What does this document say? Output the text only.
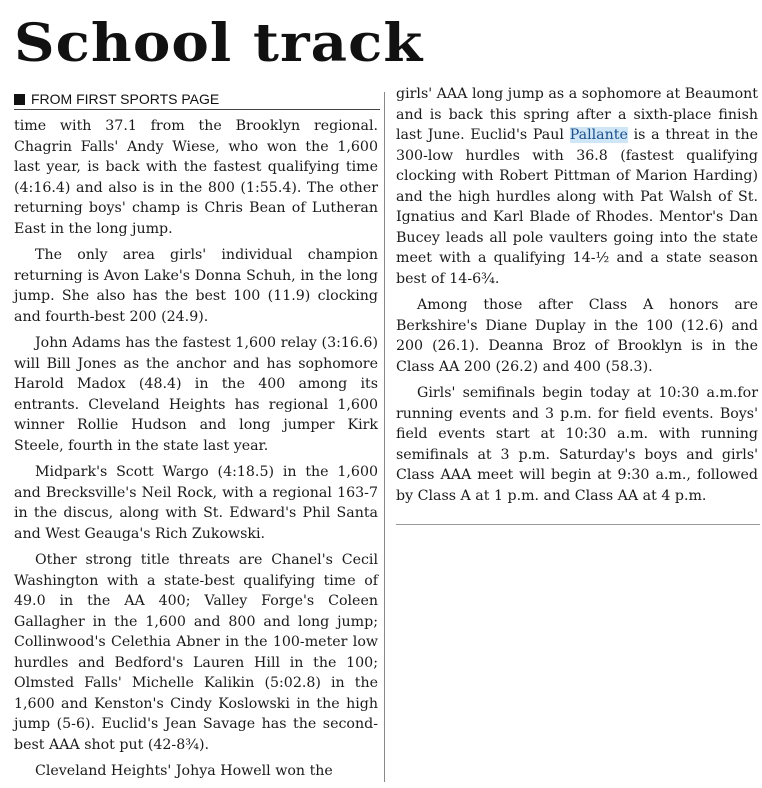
School track
FROM FIRST SPORTS PAGE

time with 37.1 from the Brooklyn regional. Chagrin Falls' Andy Wiese, who won the 1,600 last year, is back with the fastest qualifying time (4:16.4) and also is in the 800 (1:55.4). The other returning boys' champ is Chris Bean of Lutheran East in the long jump.

The only area girls' individual champion returning is Avon Lake's Donna Schuh, in the long jump. She also has the best 100 (11.9) clocking and fourth-best 200 (24.9).

John Adams has the fastest 1,600 relay (3:16.6) will Bill Jones as the anchor and has sophomore Harold Madox (48.4) in the 400 among its entrants. Cleveland Heights has regional 1,600 winner Rollie Hudson and long jumper Kirk Steele, fourth in the state last year.

Midpark's Scott Wargo (4:18.5) in the 1,600 and Brecksville's Neil Rock, with a regional 163-7 in the discus, along with St. Edward's Phil Santa and West Geauga's Rich Zukowski.

Other strong title threats are Chanel's Cecil Washington with a state-best qualifying time of 49.0 in the AA 400; Valley Forge's Coleen Gallagher in the 1,600 and 800 and long jump; Collinwood's Celethia Abner in the 100-meter low hurdles and Bedford's Lauren Hill in the 100; Olmsted Falls' Michelle Kalikin (5:02.8) in the 1,600 and Kenston's Cindy Koslowski in the high jump (5-6). Euclid's Jean Savage has the second-best AAA shot put (42-8¾).

Cleveland Heights' Johya Howell won the

girls' AAA long jump as a sophomore at Beaumont and is back this spring after a sixth-place finish last June. Euclid's Paul Pallante is a threat in the 300-low hurdles with 36.8 (fastest qualifying clocking with Robert Pittman of Marion Harding) and the high hurdles along with Pat Walsh of St. Ignatius and Karl Blade of Rhodes. Mentor's Dan Bucey leads all pole vaulters going into the state meet with a qualifying 14-½ and a state season best of 14-6¾.

Among those after Class A honors are Berkshire's Diane Duplay in the 100 (12.6) and 200 (26.1). Deanna Broz of Brooklyn is in the Class AA 200 (26.2) and 400 (58.3).

Girls' semifinals begin today at 10:30 a.m.for running events and 3 p.m. for field events. Boys' field events start at 10:30 a.m. with running semifinals at 3 p.m. Saturday's boys and girls' Class AAA meet will begin at 9:30 a.m., followed by Class A at 1 p.m. and Class AA at 4 p.m.
